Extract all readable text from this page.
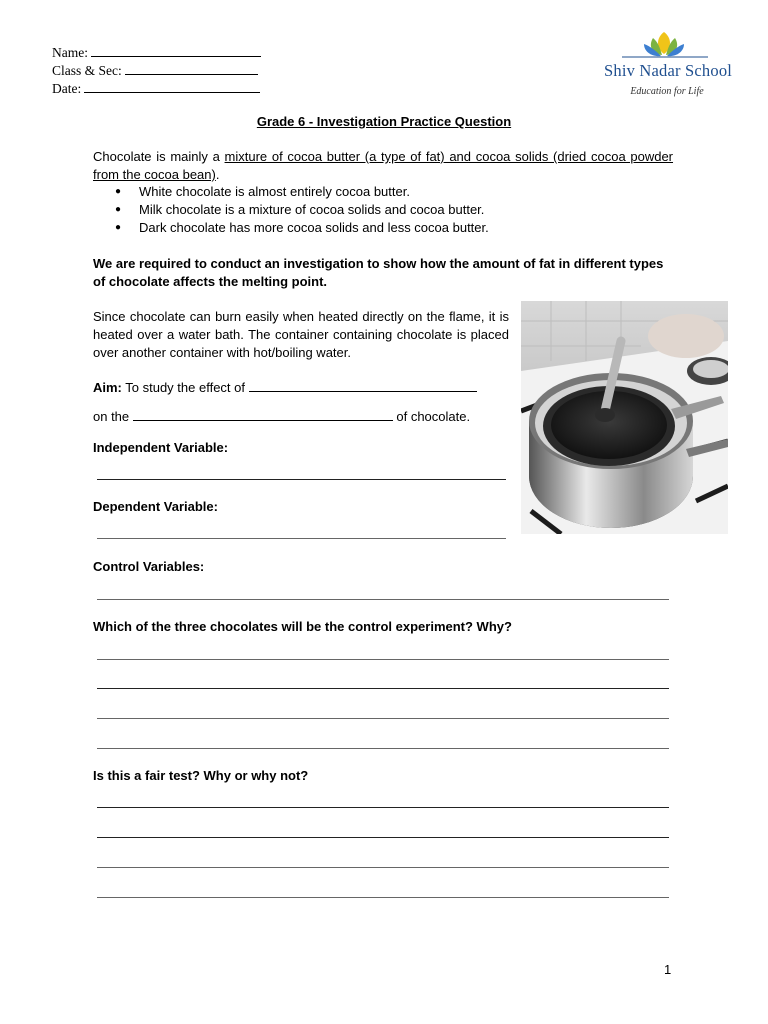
Name:
Class & Sec:
Date:
Shiv Nadar School
Education for Life
Grade 6 - Investigation Practice Question
Chocolate is mainly a mixture of cocoa butter (a type of fat) and cocoa solids (dried cocoa powder from the cocoa bean).
● White chocolate is almost entirely cocoa butter.
● Milk chocolate is a mixture of cocoa solids and cocoa butter.
● Dark chocolate has more cocoa solids and less cocoa butter.
We are required to conduct an investigation to show how the amount of fat in different types of chocolate affects the melting point.
Since chocolate can burn easily when heated directly on the flame, it is heated over a water bath. The container containing chocolate is placed over another container with hot/boiling water.
Aim: To study the effect of
on the	of chocolate.
Independent Variable:
Dependent Variable:
Control Variables:
Which of the three chocolates will be the control experiment? Why?
Is this a fair test? Why or why not?
1
